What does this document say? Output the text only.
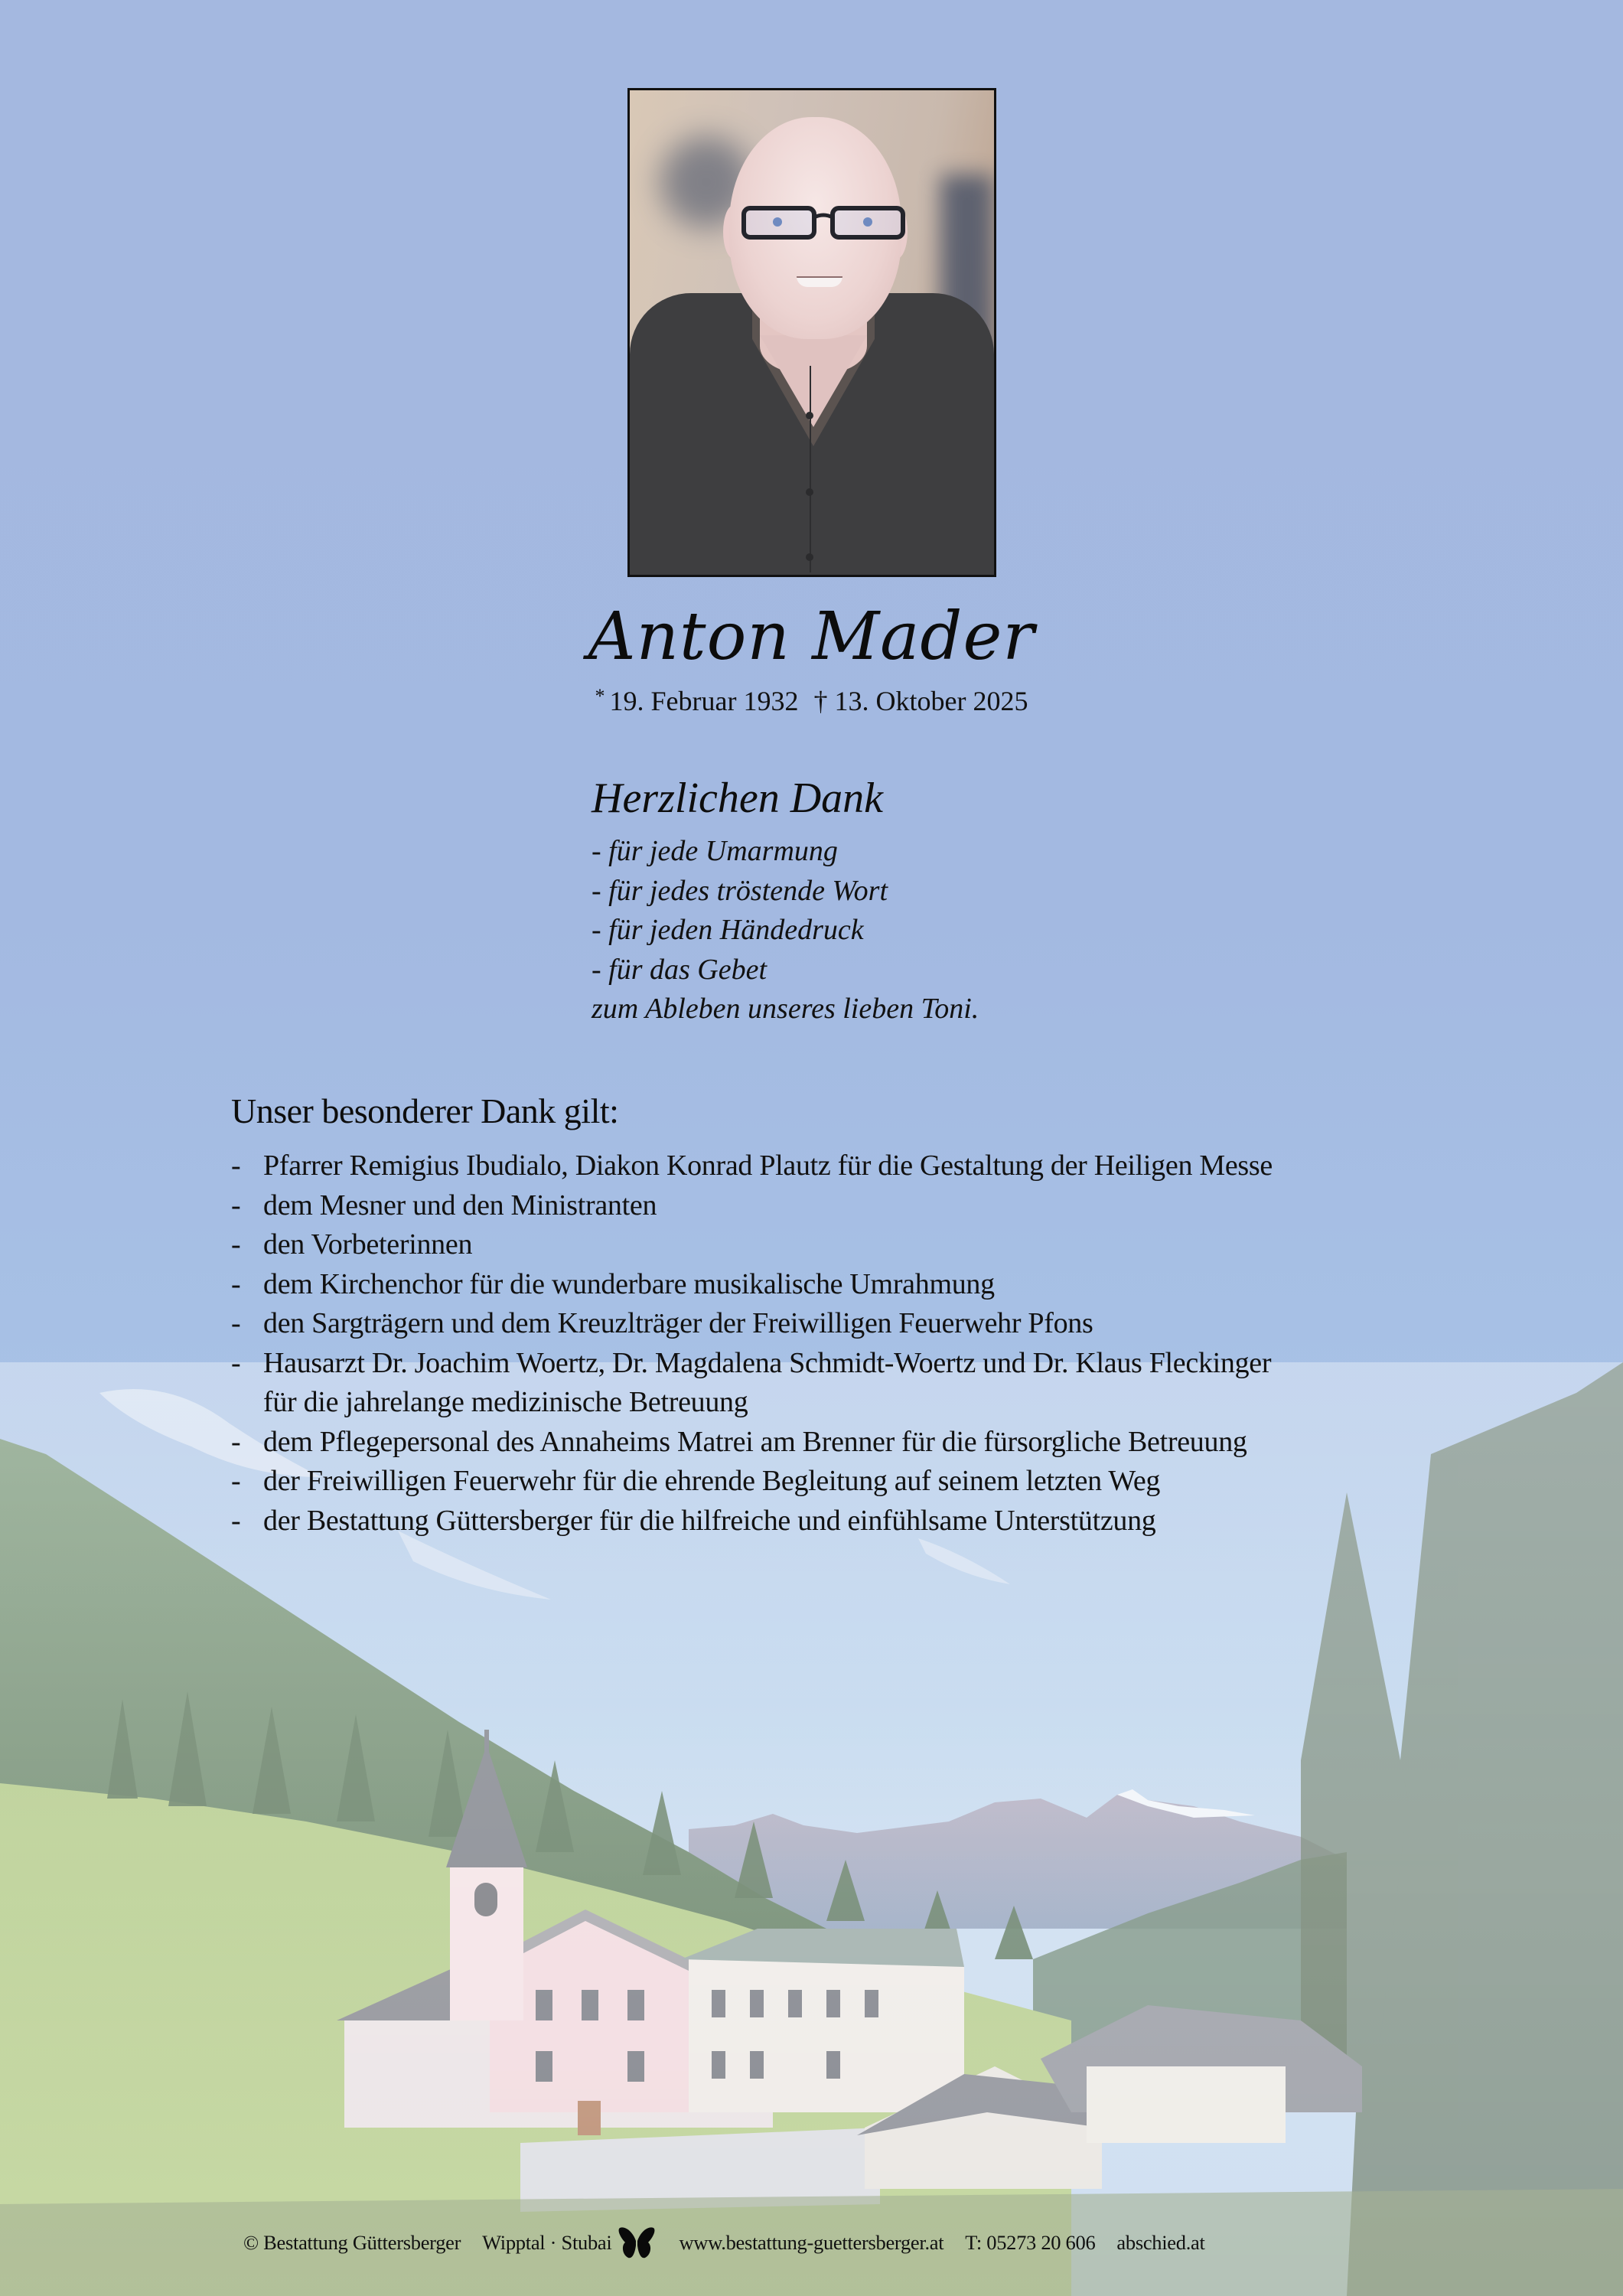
Anton Mader
* 19. Februar 1932 † 13. Oktober 2025
Herzlichen Dank
- für jede Umarmung
- für jedes tröstende Wort
- für jeden Händedruck
- für das Gebet
zum Ableben unseres lieben Toni.
Unser besonderer Dank gilt:
- Pfarrer Remigius Ibudialo, Diakon Konrad Plautz für die Gestaltung der Heiligen Messe
- dem Mesner und den Ministranten
- den Vorbeterinnen
- dem Kirchenchor für die wunderbare musikalische Umrahmung
- den Sargträgern und dem Kreuzlträger der Freiwilligen Feuerwehr Pfons
- Hausarzt Dr. Joachim Woertz, Dr. Magdalena Schmidt-Woertz und Dr. Klaus Fleckinger
für die jahrelange medizinische Betreuung
- dem Pflegepersonal des Annaheims Matrei am Brenner für die fürsorgliche Betreuung
- der Freiwilligen Feuerwehr für die ehrende Begleitung auf seinem letzten Weg
- der Bestattung Güttersberger für die hilfreiche und einfühlsame Unterstützung
© Bestattung Güttersberger Wipptal · Stubai	www.bestattung-guettersberger.at T: 05273 20 606 abschied.at
